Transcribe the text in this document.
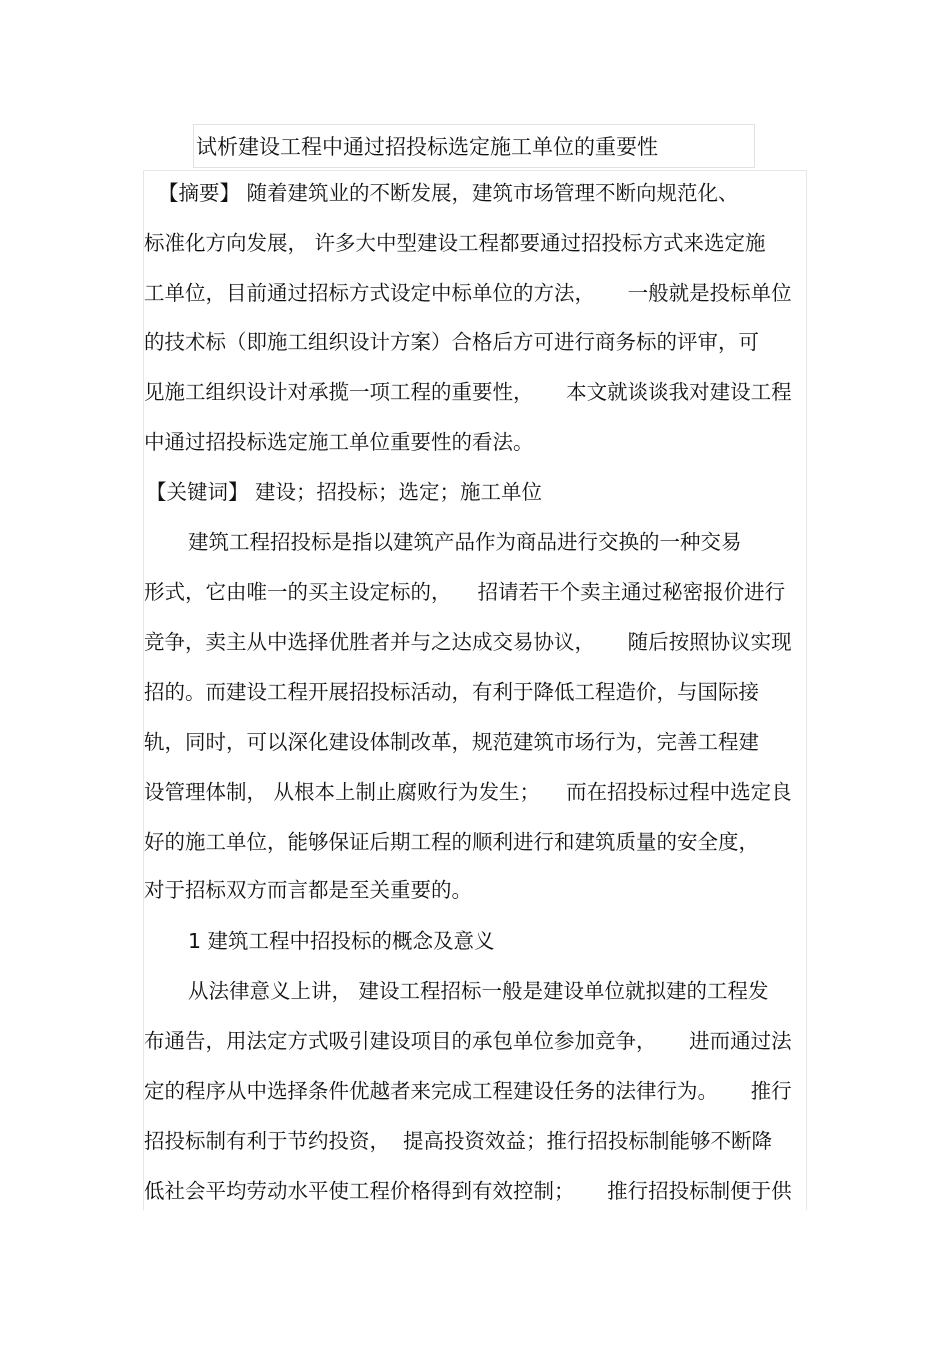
试析建设工程中通过招投标选定施工单位的重要性
【摘要】 随着建筑业的不断发展，建筑市场管理不断向规范化、
标准化方向发展， 许多大中型建设工程都要通过招投标方式来选定施
工单位，目前通过招标方式设定中标单位的方法，     一般就是投标单位
的技术标（即施工组织设计方案）合格后方可进行商务标的评审，可
见施工组织设计对承揽一项工程的重要性，     本文就谈谈我对建设工程
中通过招投标选定施工单位重要性的看法。
【关键词】 建设；招投标；选定；施工单位
建筑工程招投标是指以建筑产品作为商品进行交换的一种交易
形式，它由唯一的买主设定标的，    招请若干个卖主通过秘密报价进行
竞争，卖主从中选择优胜者并与之达成交易协议，     随后按照协议实现
招的。而建设工程开展招投标活动，有利于降低工程造价，与国际接
轨，同时，可以深化建设体制改革，规范建筑市场行为，完善工程建
设管理体制， 从根本上制止腐败行为发生；    而在招投标过程中选定良
好的施工单位，能够保证后期工程的顺利进行和建筑质量的安全度，
对于招标双方而言都是至关重要的。
1 建筑工程中招投标的概念及意义
从法律意义上讲， 建设工程招标一般是建设单位就拟建的工程发
布通告，用法定方式吸引建设项目的承包单位参加竞争，     进而通过法
定的程序从中选择条件优越者来完成工程建设任务的法律行为。     推行
招投标制有利于节约投资，  提高投资效益；推行招投标制能够不断降
低社会平均劳动水平使工程价格得到有效控制；     推行招投标制便于供
